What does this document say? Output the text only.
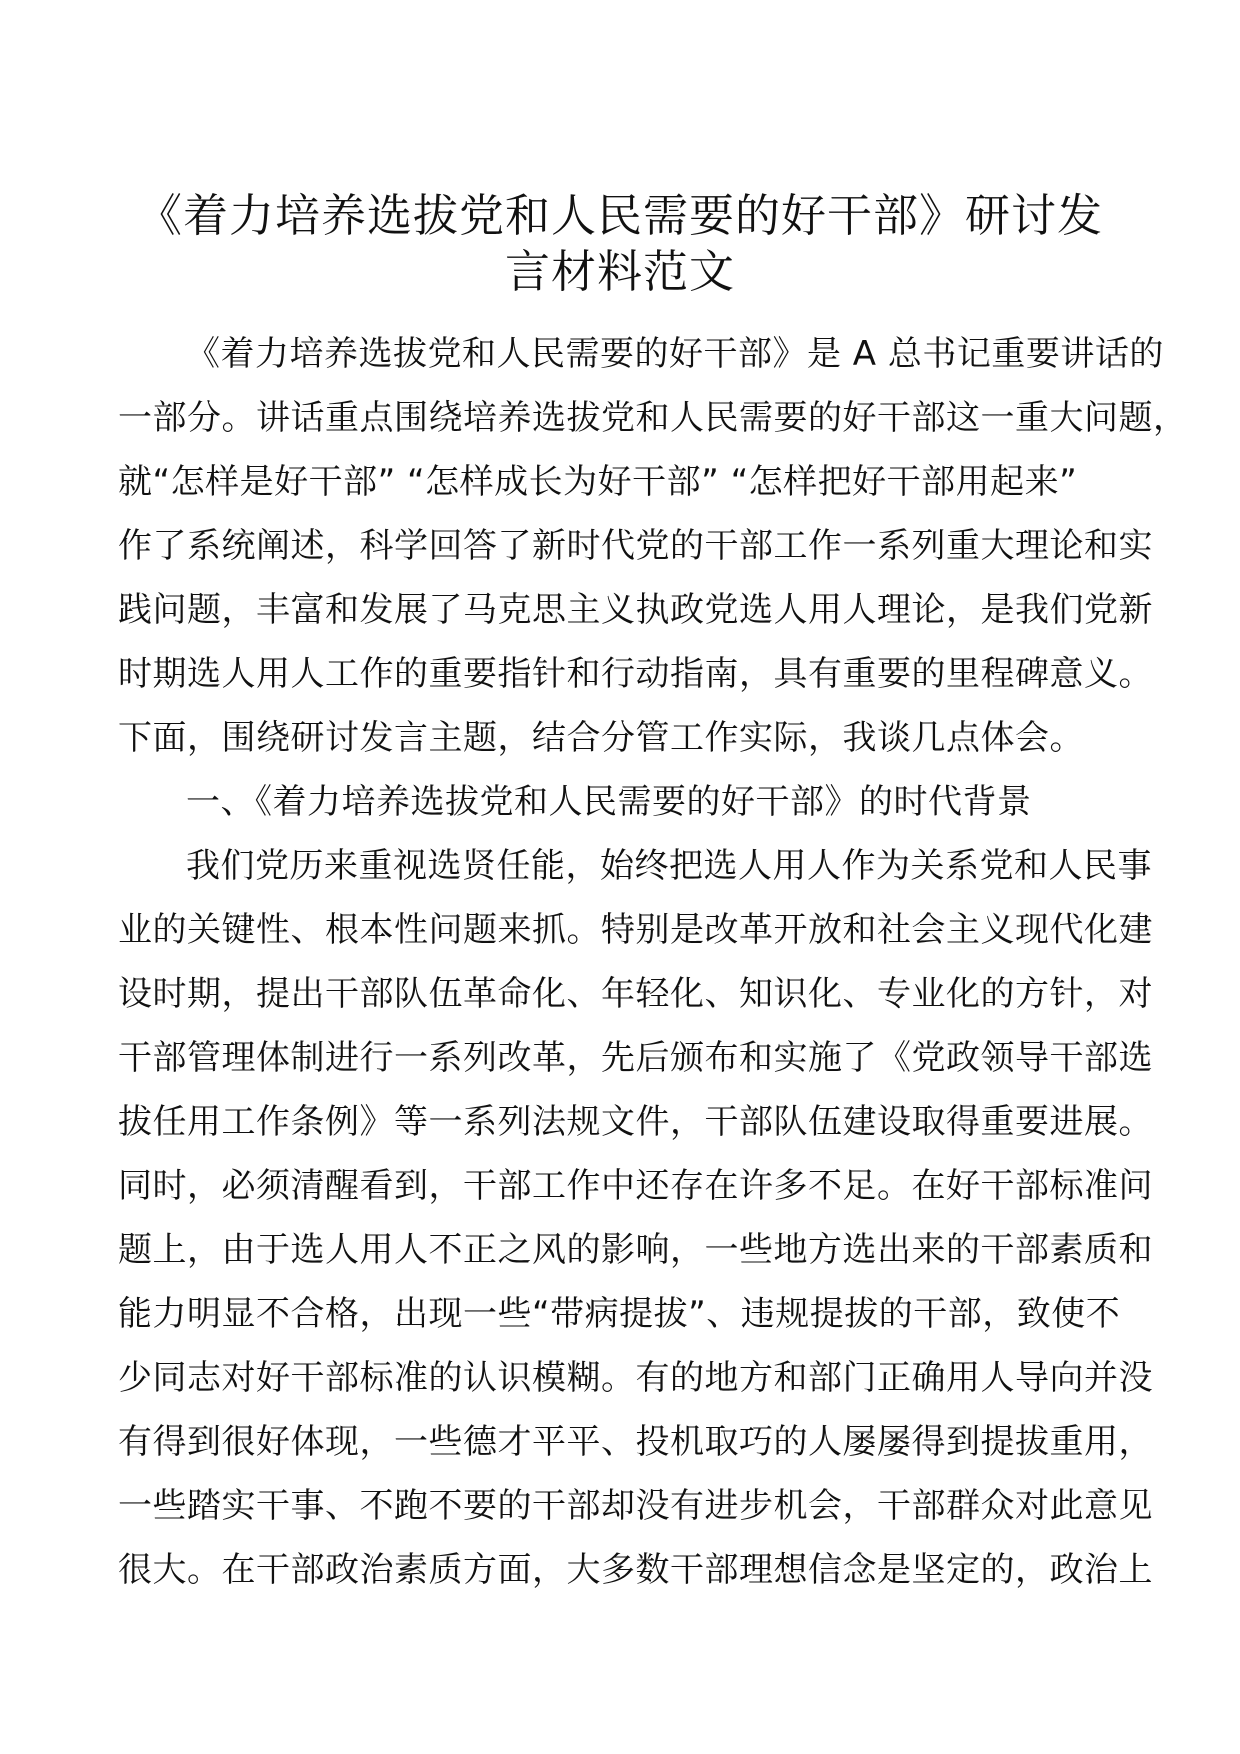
《着力培养选拔党和人民需要的好干部》研讨发
言材料范文
《着力培养选拔党和人民需要的好干部》是 A 总书记重要讲话的
一部分。讲话重点围绕培养选拔党和人民需要的好干部这一重大问题，
就“怎样是好干部” “怎样成长为好干部” “怎样把好干部用起来”
作了系统阐述，科学回答了新时代党的干部工作一系列重大理论和实
践问题，丰富和发展了马克思主义执政党选人用人理论，是我们党新
时期选人用人工作的重要指针和行动指南，具有重要的里程碑意义。
下面，围绕研讨发言主题，结合分管工作实际，我谈几点体会。
一、《着力培养选拔党和人民需要的好干部》的时代背景
我们党历来重视选贤任能，始终把选人用人作为关系党和人民事
业的关键性、根本性问题来抓。特别是改革开放和社会主义现代化建
设时期，提出干部队伍革命化、年轻化、知识化、专业化的方针，对
干部管理体制进行一系列改革，先后颁布和实施了《党政领导干部选
拔任用工作条例》等一系列法规文件，干部队伍建设取得重要进展。
同时，必须清醒看到，干部工作中还存在许多不足。在好干部标准问
题上，由于选人用人不正之风的影响，一些地方选出来的干部素质和
能力明显不合格，出现一些“带病提拔”、违规提拔的干部，致使不
少同志对好干部标准的认识模糊。有的地方和部门正确用人导向并没
有得到很好体现，一些德才平平、投机取巧的人屡屡得到提拔重用，
一些踏实干事、不跑不要的干部却没有进步机会，干部群众对此意见
很大。在干部政治素质方面，大多数干部理想信念是坚定的，政治上
